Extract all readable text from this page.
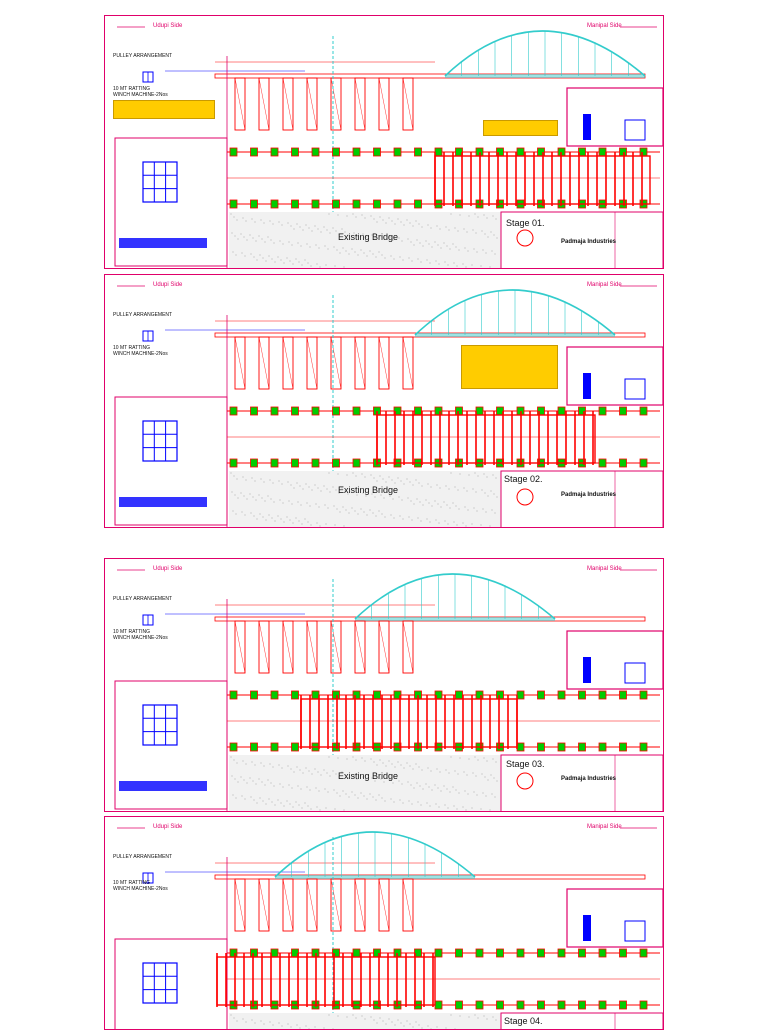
Udupi Side	Manipal Side
PULLEY ARRANGEMENT
10 MT RATTING
WINCH MACHINE-2Nos
Existing Bridge
Stage 01.
Padmaja Industries
Udupi Side	Manipal Side
PULLEY ARRANGEMENT
10 MT RATTING
WINCH MACHINE-2Nos
Existing Bridge
Stage 02.
Padmaja Industries
Udupi Side	Manipal Side
PULLEY ARRANGEMENT
10 MT RATTING
WINCH MACHINE-2Nos
Existing Bridge
Stage 03.
Padmaja Industries
Udupi Side	Manipal Side
PULLEY ARRANGEMENT
10 MT RATTING
WINCH MACHINE-2Nos
Stage 04.
